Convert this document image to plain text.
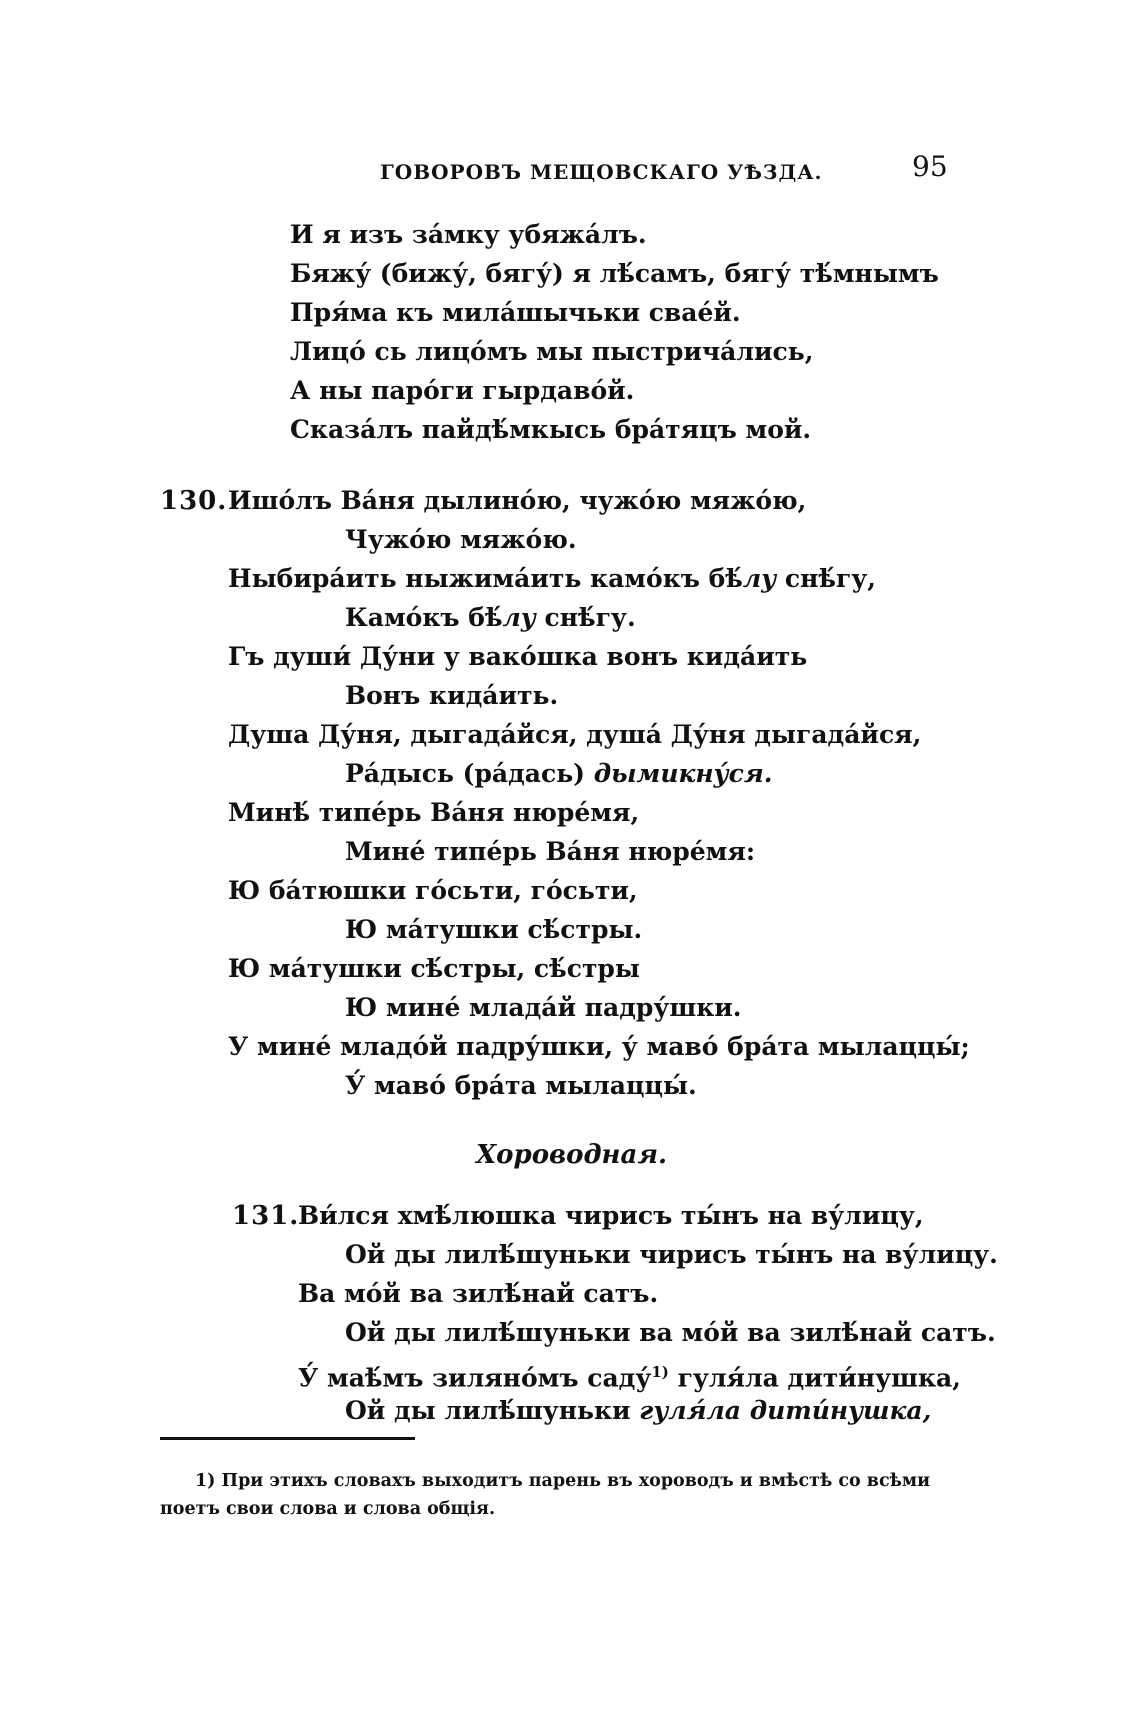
ГОВОРОВЪ МЕЩОВСКАГО УѢЗДА.	95
И я изъ за́мку убяжа́лъ.
Бяжу́ (бижу́, бягу́) я лѣ́самъ, бягу́ тѣ́мнымъ
Пря́ма къ мила́шычьки сваéй.
Лицó сь лицóмъ мы пыстричáлись,
А ны парóги гырдавóй.
Сказа́лъ пайдѣ́мкысь бра́тяцъ мой.
130. Ишóлъ Ва́ня дылинóю, чужóю мяжóю,
Чужóю мяжóю.
Ныбира́ить ныжима́ить камóкъ бѣ́лу снѣ́гу,
Камóкъ бѣ́лу снѣ́гу.
Гъ души́ Ду́ни у вакóшка вонъ кида́ить
Вонъ кида́ить.
Душа Ду́ня, дыгада́йся, душа́ Ду́ня дыгада́йся,
Ра́дысь (ра́дась) дымикну́ся.
Минѣ́ типéрь Ва́ня нюрéмя,
Минé типéрь Ва́ня нюрéмя:
Ю ба́тюшки гóсьти, гóсьти,
Ю ма́тушки сѣ́стры.
Ю ма́тушки сѣ́стры, сѣ́стры
Ю минé млада́й падру́шки.
У минé младóй падру́шки, у́ мавó бра́та мылаццы́;
У́ мавó бра́та мылаццы́.
Хороводная.
131.
Ви́лся хмѣ́люшка чирисъ ты́нъ на ву́лицу,
Ой ды лилѣ́шуньки чирисъ ты́нъ на ву́лицу.
Ва мóй ва зилѣ́най сатъ.
Ой ды лилѣ́шуньки ва мóй ва зилѣ́най сатъ.
У́ маѣ́мъ зилянóмъ саду́$^{1)}$ гуля́ла дити́нушка,
Ой ды лилѣ́шуньки гуля́ла дити́нушка,
1) При этихъ словахъ выходитъ парень въ хороводъ и вмѣстѣ со всѣми
поетъ свои слова и слова общія.
